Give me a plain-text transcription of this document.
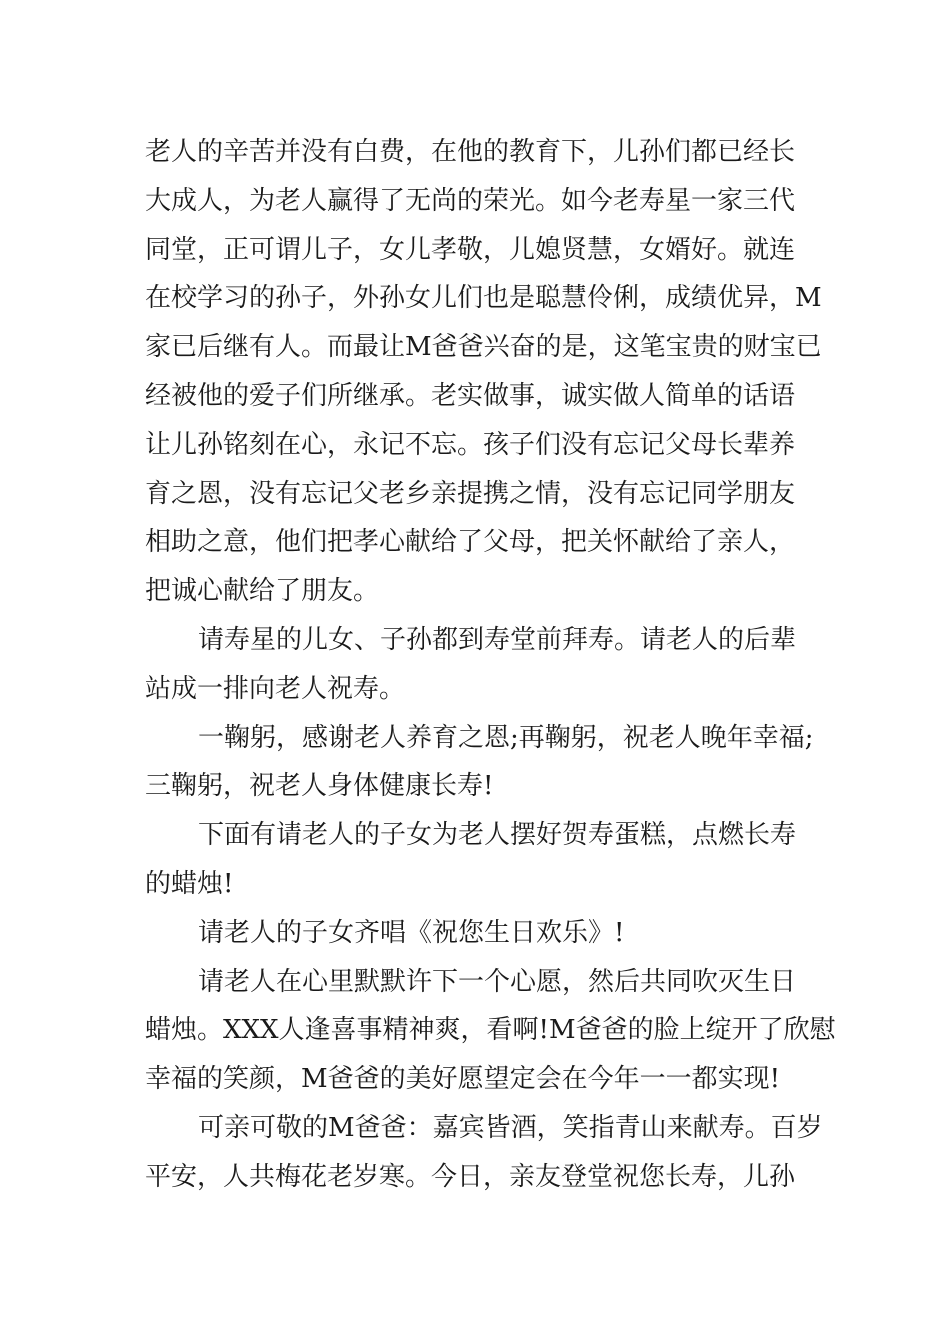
老人的辛苦并没有白费，在他的教育下，儿孙们都已经长
大成人，为老人赢得了无尚的荣光。如今老寿星一家三代
同堂，正可谓儿子，女儿孝敬，儿媳贤慧，女婿好。就连
在校学习的孙子，外孙女儿们也是聪慧伶俐，成绩优异，M
家已后继有人。而最让M爸爸兴奋的是，这笔宝贵的财宝已
经被他的爱子们所继承。老实做事，诚实做人简单的话语
让儿孙铭刻在心，永记不忘。孩子们没有忘记父母长辈养
育之恩，没有忘记父老乡亲提携之情，没有忘记同学朋友
相助之意，他们把孝心献给了父母，把关怀献给了亲人，
把诚心献给了朋友。
请寿星的儿女、子孙都到寿堂前拜寿。请老人的后辈
站成一排向老人祝寿。
一鞠躬，感谢老人养育之恩;再鞠躬，祝老人晚年幸福;
三鞠躬，祝老人身体健康长寿!
下面有请老人的子女为老人摆好贺寿蛋糕，点燃长寿
的蜡烛!
请老人的子女齐唱《祝您生日欢乐》!
请老人在心里默默许下一个心愿，然后共同吹灭生日
蜡烛。XXX人逢喜事精神爽，看啊!M爸爸的脸上绽开了欣慰
幸福的笑颜，M爸爸的美好愿望定会在今年一一都实现!
可亲可敬的M爸爸：嘉宾皆酒，笑指青山来献寿。百岁
平安，人共梅花老岁寒。今日，亲友登堂祝您长寿，儿孙
